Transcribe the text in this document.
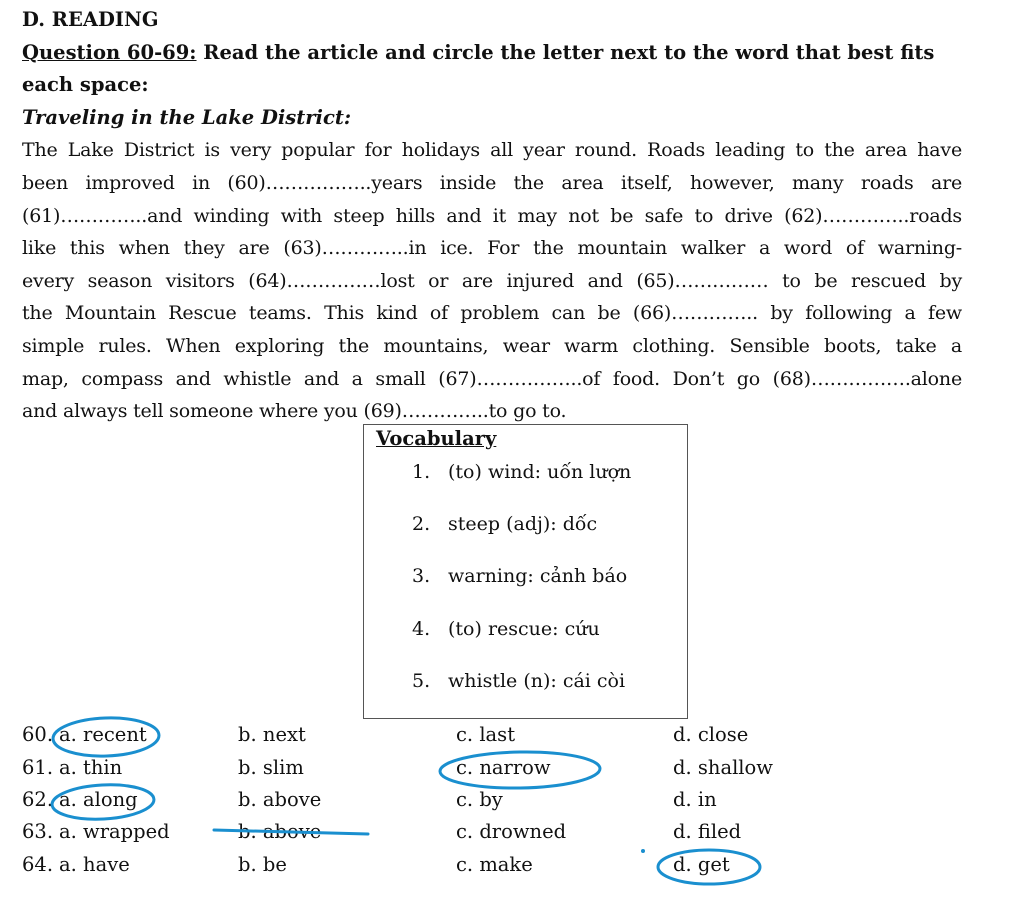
D. READING
Question 60-69: Read the article and circle the letter next to the word that best fits
each space:
Traveling in the Lake District:
The Lake District is very popular for holidays all year round. Roads leading to the area have
been improved in (60)……………..years inside the area itself, however, many roads are
(61)…………..and winding with steep hills and it may not be safe to drive (62)…………..roads
like this when they are (63)…………..in ice. For the mountain walker a word of warning-
every season visitors (64)……………lost or are injured and (65)…………… to be rescued by
the Mountain Rescue teams. This kind of problem can be (66)………….. by following a few
simple rules. When exploring the mountains, wear warm clothing. Sensible boots, take a
map, compass and whistle and a small (67)……………..of food. Don’t go (68)…………….alone
and always tell someone where you (69)…………..to go to.
Vocabulary
1. (to) wind: uốn lượn
2. steep (adj): dốc
3. warning: cảnh báo
4. (to) rescue: cứu
5. whistle (n): cái còi
60. a. recent	b. next	c. last	d. close
61. a. thin	b. slim	c. narrow	d. shallow
62. a. along	b. above	c. by	d. in
63. a. wrapped	b. above	c. drowned	d. filed
64. a. have	b. be	c. make	d. get
